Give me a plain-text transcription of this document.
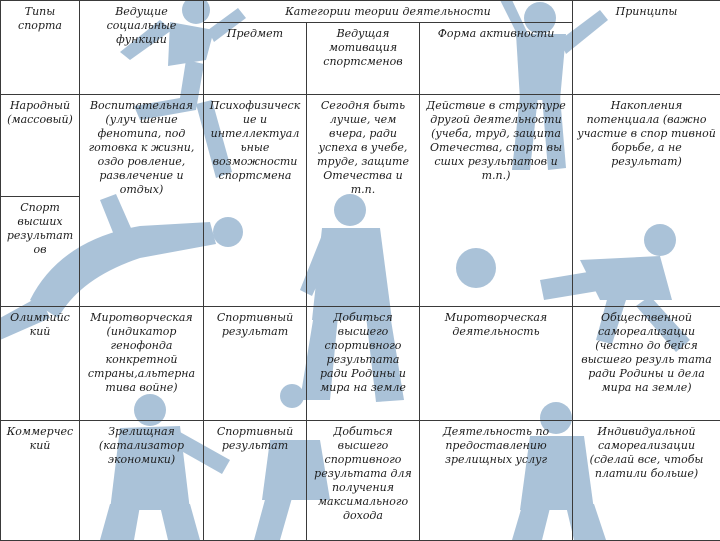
Типы спорта	Ведущие социальные функции	Категории теории деятельности			Принципы
		Предмет	Ведущая мотивация спортсменов	Форма активности	
Народный (массовый)	Воспитательная (улуч шение фенотипа, под готовка к жизни, оздо ровление, развлечение и отдых)	Психофизическ ие и интеллектуал ьные возможности спортсмена	Сегодня быть лучше, чем вчера, ради успеха в учебе, труде, защите Отечества и т.п.	Действие в структуре другой деятельности (учеба, труд, защита Отечества, спорт вы сших результатов и т.п.)	Накопления потенциала (важно участие в спор тивной борьбе, а не результат)
Спорт высших результат ов					
Олимпийс кий	Миротворческая (индикатор генофонда конкретной страны,альтерна тива войне)	Спортивный результат	Добиться высшего спортивного результата ради Родины и мира на земле	Миротворческая деятельность	Общественной самореализации (честно до бейся высшего резуль тата ради Родины и дела мира на земле)
Коммерчес кий	Зрелищная (катализатор экономики)	Спортивный результат	Добиться высшего спортивного результата для получения максимального дохода	Деятельность по предоставлению зрелищных услуг	Индивидуальной самореализации (сделай все, чтобы платили больше)
